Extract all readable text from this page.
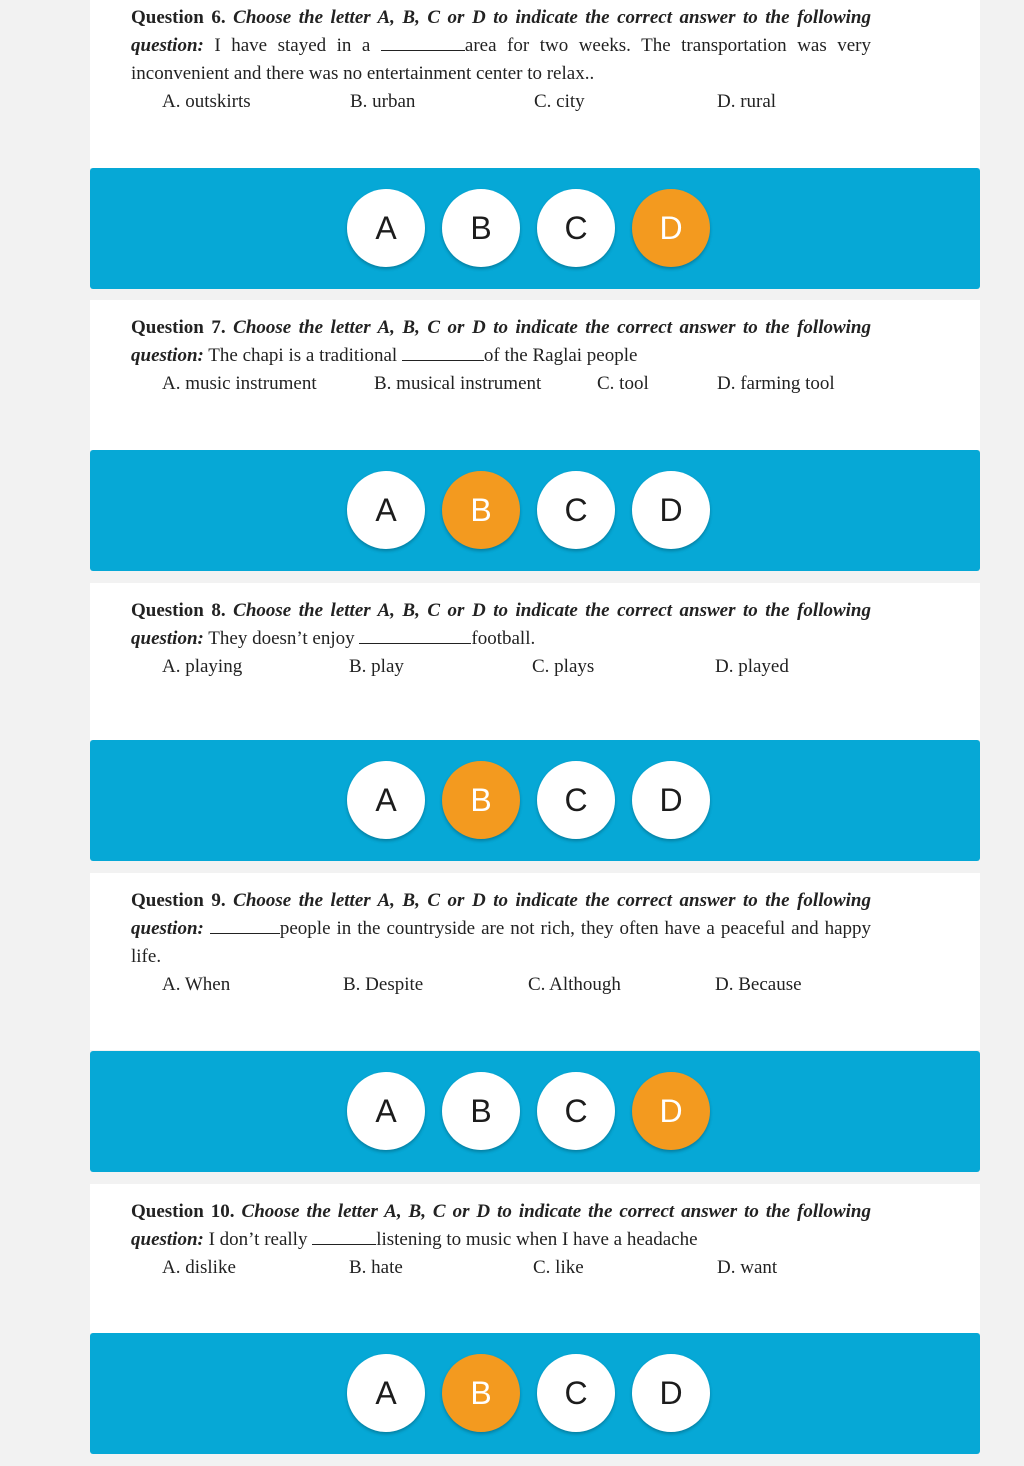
Question 6. Choose the letter A, B, C or D to indicate the correct answer to the following question: I have stayed in a	area for two weeks. The transportation was very inconvenient and there was no entertainment center to relax..
A. outskirts	B. urban	C. city	D. rural
A	B	C	D
Question 7. Choose the letter A, B, C or D to indicate the correct answer to the following question: The chapi is a traditional	of the Raglai people
A. music instrument	B. musical instrument	C. tool	D. farming tool
A	B	C	D
Question 8. Choose the letter A, B, C or D to indicate the correct answer to the following question: They doesn’t enjoy	football.
A. playing	B. play	C. plays	D. played
A	B	C	D
Question 9. Choose the letter A, B, C or D to indicate the correct answer to the following question:	people in the countryside are not rich, they often have a peaceful and happy life.
A. When	B. Despite	C. Although	D. Because
A	B	C	D
Question 10. Choose the letter A, B, C or D to indicate the correct answer to the following question: I don’t really	listening to music when I have a headache
A. dislike	B. hate	C. like	D. want
A	B	C	D
